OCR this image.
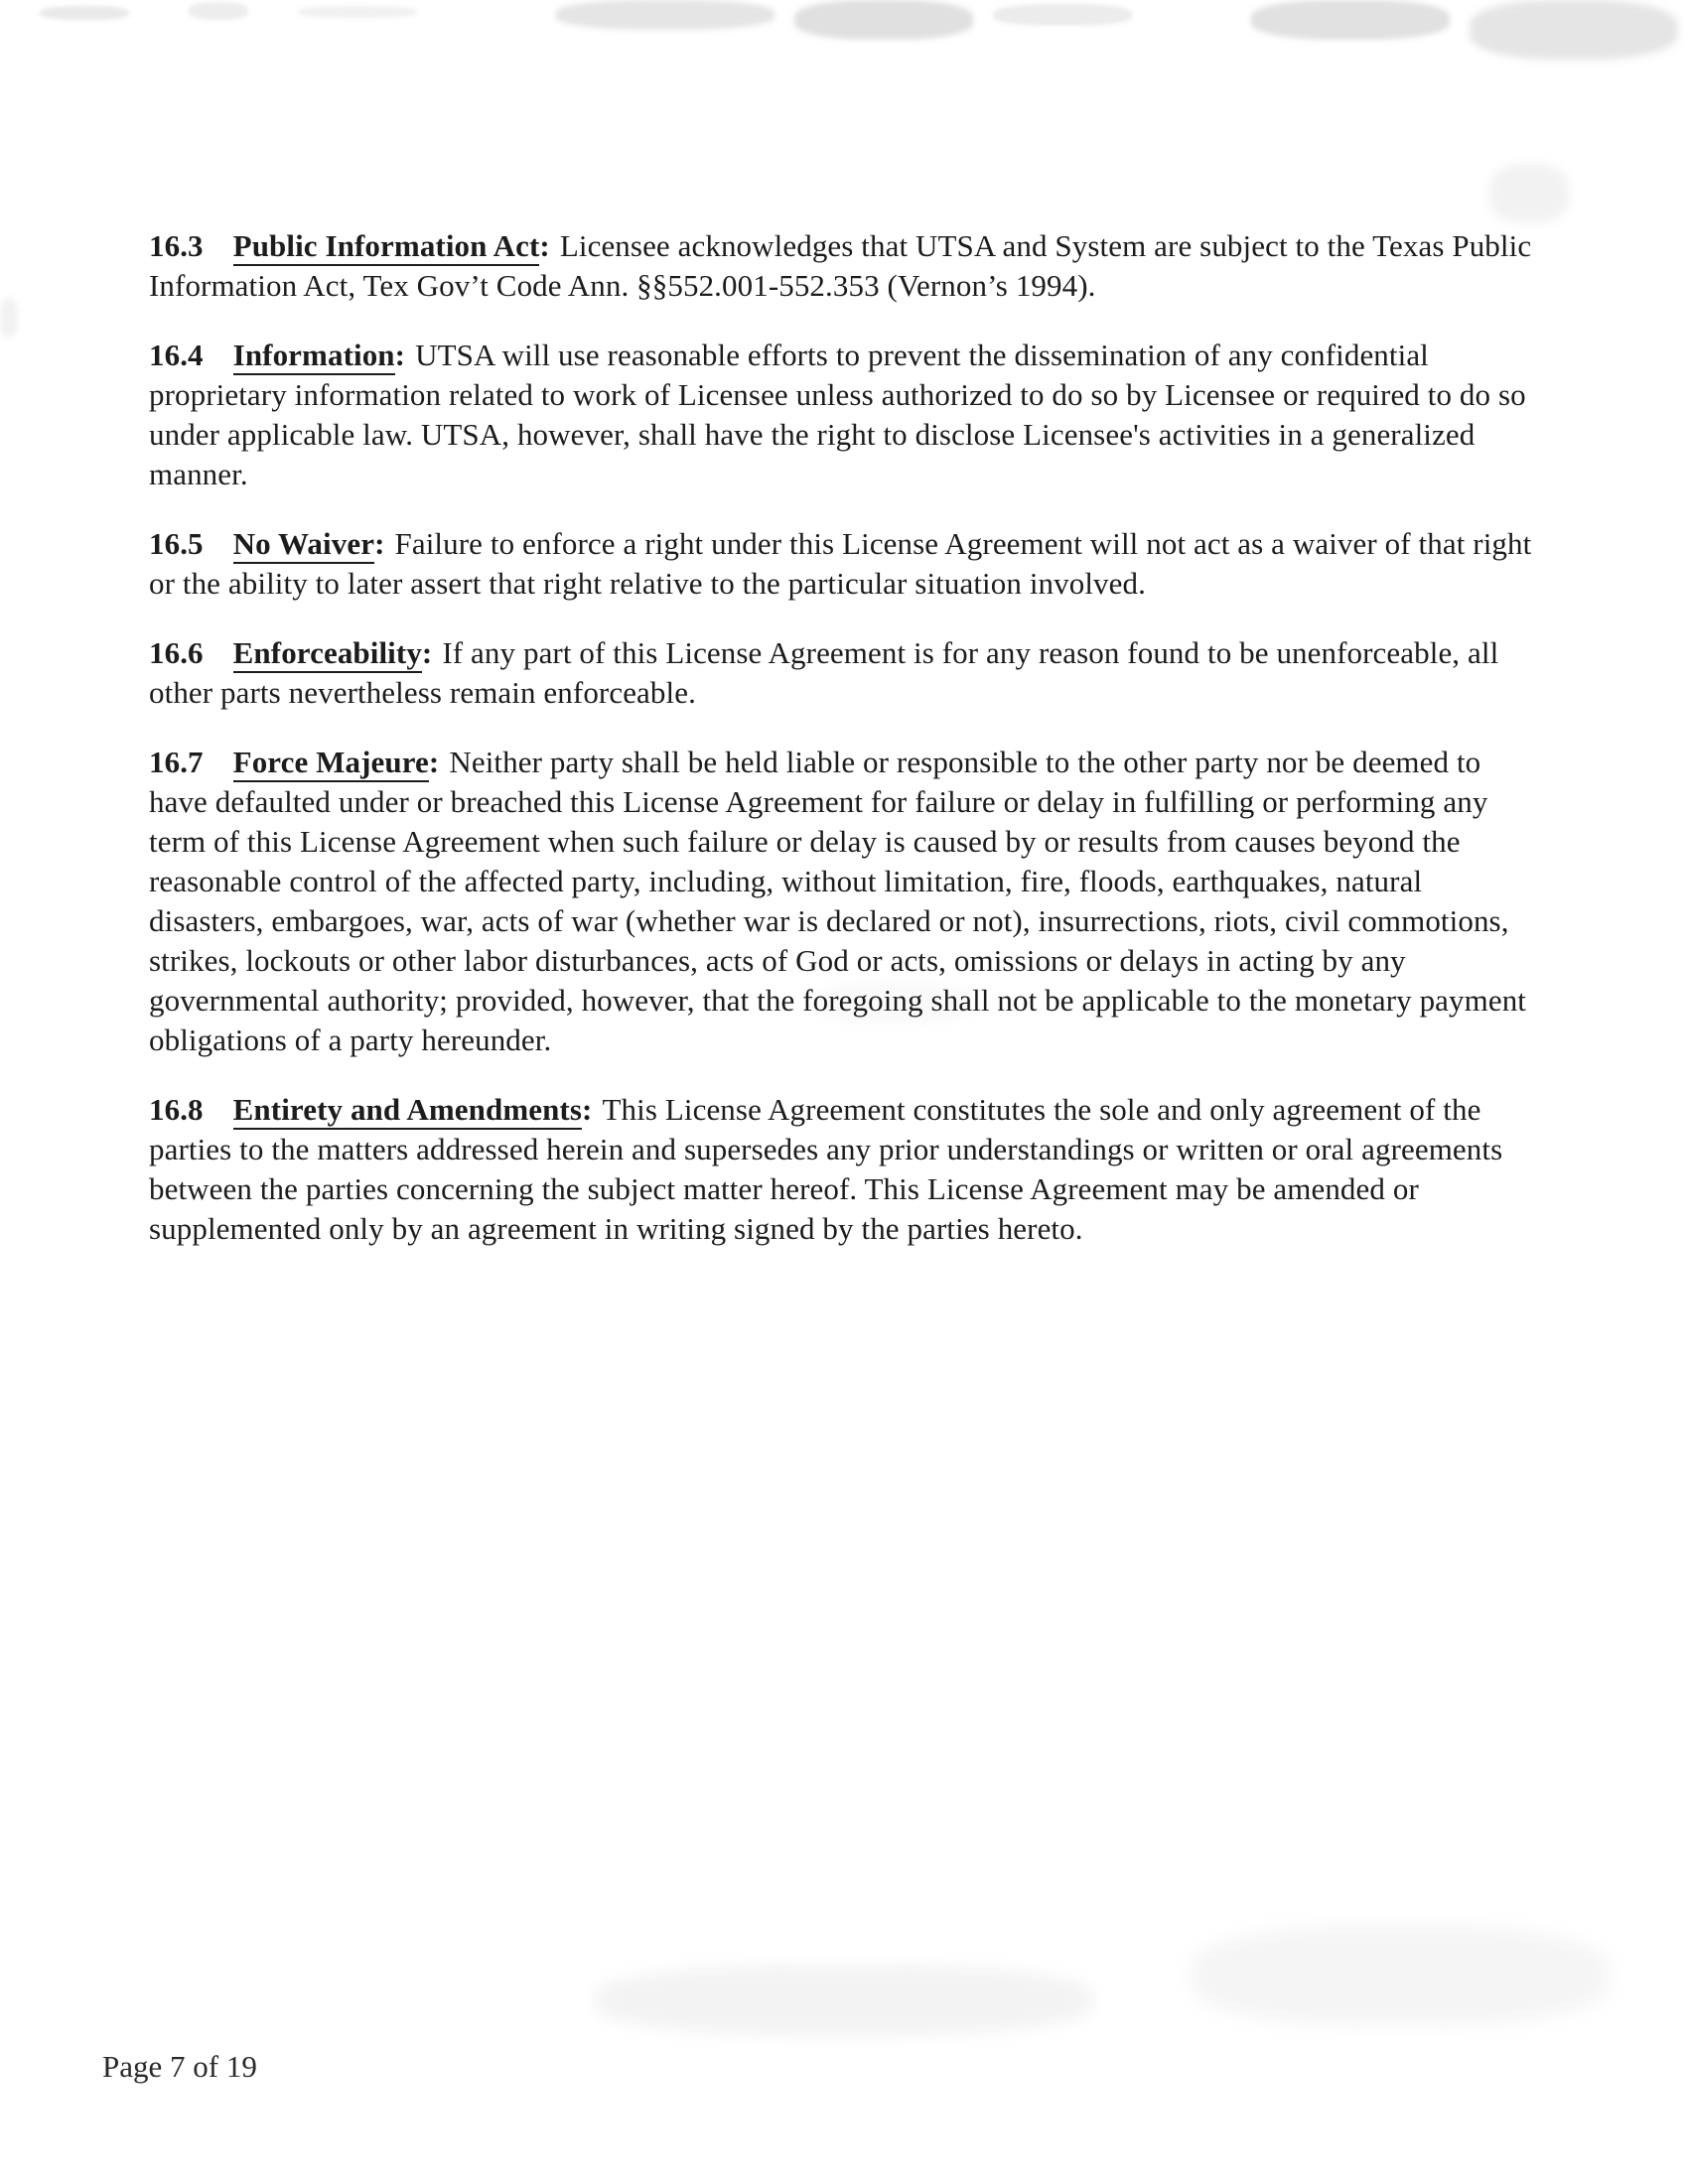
16.3 Public Information Act: Licensee acknowledges that UTSA and System are subject to the Texas Public Information Act, Tex Gov’t Code Ann. §§552.001-552.353 (Vernon’s 1994).

16.4 Information: UTSA will use reasonable efforts to prevent the dissemination of any confidential proprietary information related to work of Licensee unless authorized to do so by Licensee or required to do so under applicable law. UTSA, however, shall have the right to disclose Licensee's activities in a generalized manner.

16.5 No Waiver: Failure to enforce a right under this License Agreement will not act as a waiver of that right or the ability to later assert that right relative to the particular situation involved.

16.6 Enforceability: If any part of this License Agreement is for any reason found to be unenforceable, all other parts nevertheless remain enforceable.

16.7 Force Majeure: Neither party shall be held liable or responsible to the other party nor be deemed to have defaulted under or breached this License Agreement for failure or delay in fulfilling or performing any term of this License Agreement when such failure or delay is caused by or results from causes beyond the reasonable control of the affected party, including, without limitation, fire, floods, earthquakes, natural disasters, embargoes, war, acts of war (whether war is declared or not), insurrections, riots, civil commotions, strikes, lockouts or other labor disturbances, acts of God or acts, omissions or delays in acting by any governmental authority; provided, however, that the foregoing shall not be applicable to the monetary payment obligations of a party hereunder.

16.8 Entirety and Amendments: This License Agreement constitutes the sole and only agreement of the parties to the matters addressed herein and supersedes any prior understandings or written or oral agreements between the parties concerning the subject matter hereof. This License Agreement may be amended or supplemented only by an agreement in writing signed by the parties hereto.

Page 7 of 19
